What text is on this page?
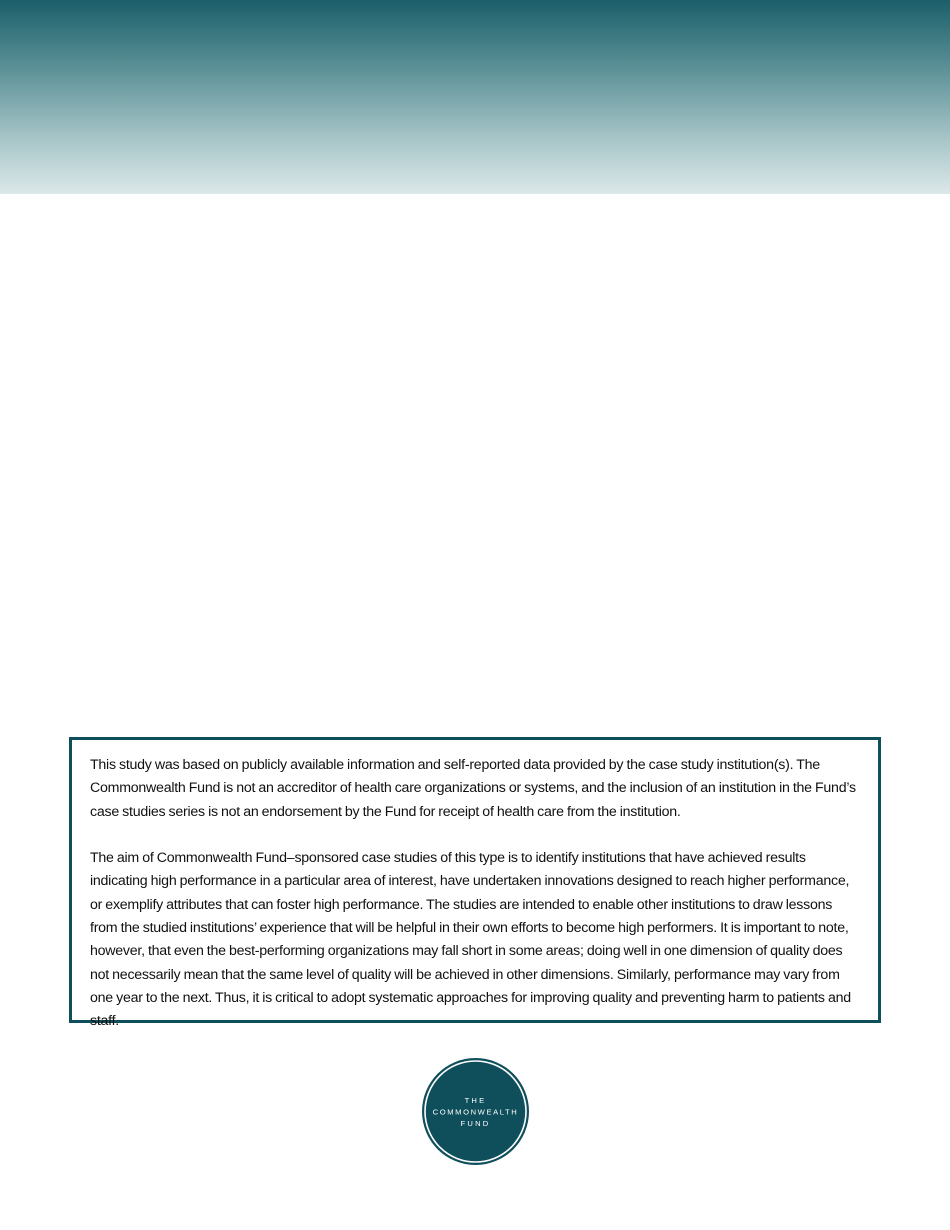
This study was based on publicly available information and self-reported data provided by the case study institution(s). The Commonwealth Fund is not an accreditor of health care organizations or systems, and the inclusion of an institution in the Fund’s case studies series is not an endorsement by the Fund for receipt of health care from the institution.

The aim of Commonwealth Fund–sponsored case studies of this type is to identify institutions that have achieved results indicating high performance in a particular area of interest, have undertaken innovations designed to reach higher performance, or exemplify attributes that can foster high performance. The studies are intended to enable other institutions to draw lessons from the studied institutions’ experience that will be helpful in their own efforts to become high performers. It is important to note, however, that even the best-performing organizations may fall short in some areas; doing well in one dimension of quality does not necessarily mean that the same level of quality will be achieved in other dimensions. Similarly, performance may vary from one year to the next. Thus, it is critical to adopt systematic approaches for improving quality and preventing harm to patients and staff.

THE
COMMONWEALTH
FUND
